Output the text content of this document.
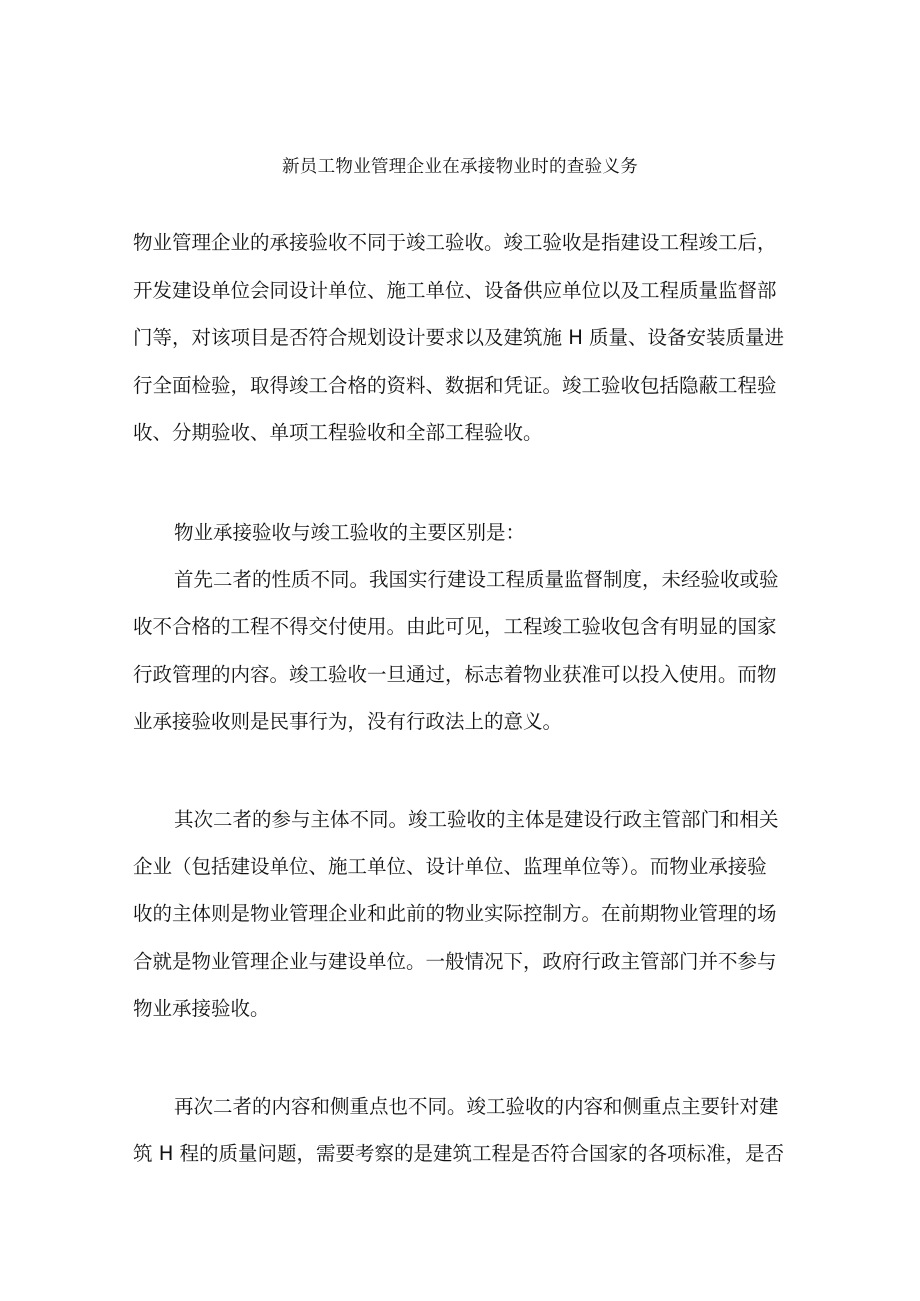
新员工物业管理企业在承接物业时的查验义务
物业管理企业的承接验收不同于竣工验收。竣工验收是指建设工程竣工后，
开发建设单位会同设计单位、施工单位、设备供应单位以及工程质量监督部
门等，对该项目是否符合规划设计要求以及建筑施 H 质量、设备安装质量进
行全面检验，取得竣工合格的资料、数据和凭证。竣工验收包括隐蔽工程验
收、分期验收、单项工程验收和全部工程验收。
物业承接验收与竣工验收的主要区别是：
首先二者的性质不同。我国实行建设工程质量监督制度，未经验收或验
收不合格的工程不得交付使用。由此可见，工程竣工验收包含有明显的国家
行政管理的内容。竣工验收一旦通过，标志着物业获准可以投入使用。而物
业承接验收则是民事行为，没有行政法上的意义。
其次二者的参与主体不同。竣工验收的主体是建设行政主管部门和相关
企业（包括建设单位、施工单位、设计单位、监理单位等）。而物业承接验
收的主体则是物业管理企业和此前的物业实际控制方。在前期物业管理的场
合就是物业管理企业与建设单位。一般情况下，政府行政主管部门并不参与
物业承接验收。
再次二者的内容和侧重点也不同。竣工验收的内容和侧重点主要针对建
筑 H 程的质量问题，需要考察的是建筑工程是否符合国家的各项标准，是否
